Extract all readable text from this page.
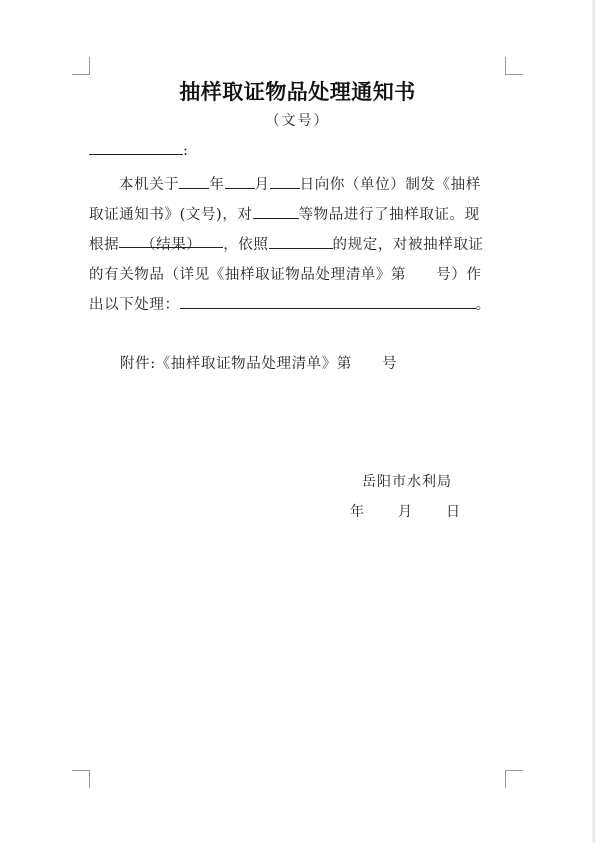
抽样取证物品处理通知书
（文号）
:
本机关于 年 月 日向你（单位）制发《抽样
取证通知书》(文号)，对	等物品进行了抽样取证。现
根据 （结果） ，依照	的规定，对被抽样取证
的有关物品（详见《抽样取证物品处理清单》第　　号）作
出以下处理：	。
附件:《抽样取证物品处理清单》第　　号
岳阳市水利局
年 月 日
